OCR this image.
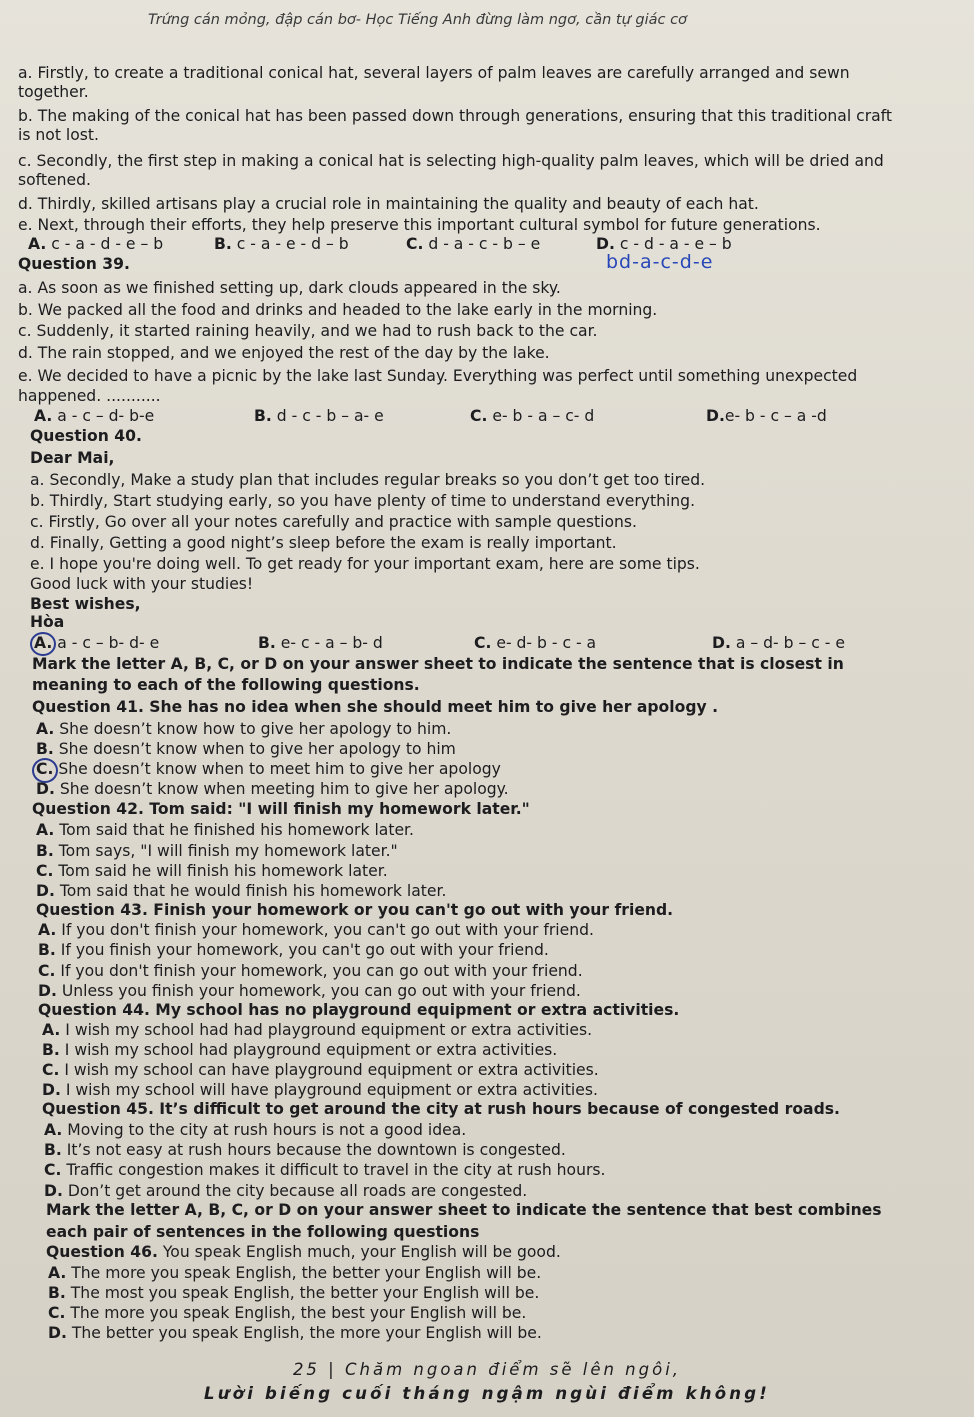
Trứng cán mỏng, đập cán bơ- Học Tiếng Anh đừng làm ngơ, cần tự giác cơ
a. Firstly, to create a traditional conical hat, several layers of palm leaves are carefully arranged and sewn
together.
b. The making of the conical hat has been passed down through generations, ensuring that this traditional craft
is not lost.
c. Secondly, the first step in making a conical hat is selecting high-quality palm leaves, which will be dried and
softened.
d. Thirdly, skilled artisans play a crucial role in maintaining the quality and beauty of each hat.
e. Next, through their efforts, they help preserve this important cultural symbol for future generations.
A. c - a - d - e – b	B. c - a - e - d – b	C. d - a - c - b – e	D. c - d - a - e – b
Question 39.	bd-a-c-d-e
a. As soon as we finished setting up, dark clouds appeared in the sky.
b. We packed all the food and drinks and headed to the lake early in the morning.
c. Suddenly, it started raining heavily, and we had to rush back to the car.
d. The rain stopped, and we enjoyed the rest of the day by the lake.
e. We decided to have a picnic by the lake last Sunday. Everything was perfect until something unexpected
happened. ...........
A. a - c – d- b-e	B. d - c - b – a- e	C. e- b - a – c- d	D.e- b - c – a -d
Question 40.
Dear Mai,
a. Secondly, Make a study plan that includes regular breaks so you don’t get too tired.
b. Thirdly, Start studying early, so you have plenty of time to understand everything.
c. Firstly, Go over all your notes carefully and practice with sample questions.
d. Finally, Getting a good night’s sleep before the exam is really important.
e. I hope you're doing well. To get ready for your important exam, here are some tips.
Good luck with your studies!
Best wishes,
Hòa
A. a - c – b- d- e	B. e- c - a – b- d	C. e- d- b - c - a	D. a – d- b – c - e
Mark the letter A, B, C, or D on your answer sheet to indicate the sentence that is closest in
meaning to each of the following questions.
Question 41. She has no idea when she should meet him to give her apology .
A. She doesn’t know how to give her apology to him.
B. She doesn’t know when to give her apology to him
C. She doesn’t know when to meet him to give her apology
D. She doesn’t know when meeting him to give her apology.
Question 42. Tom said: "I will finish my homework later."
A. Tom said that he finished his homework later.
B. Tom says, "I will finish my homework later."
C. Tom said he will finish his homework later.
D. Tom said that he would finish his homework later.
Question 43. Finish your homework or you can't go out with your friend.
A. If you don't finish your homework, you can't go out with your friend.
B. If you finish your homework, you can't go out with your friend.
C. If you don't finish your homework, you can go out with your friend.
D. Unless you finish your homework, you can go out with your friend.
Question 44. My school has no playground equipment or extra activities.
A. I wish my school had had playground equipment or extra activities.
B. I wish my school had playground equipment or extra activities.
C. I wish my school can have playground equipment or extra activities.
D. I wish my school will have playground equipment or extra activities.
Question 45. It’s difficult to get around the city at rush hours because of congested roads.
A. Moving to the city at rush hours is not a good idea.
B. It’s not easy at rush hours because the downtown is congested.
C. Traffic congestion makes it difficult to travel in the city at rush hours.
D. Don’t get around the city because all roads are congested.
Mark the letter A, B, C, or D on your answer sheet to indicate the sentence that best combines
each pair of sentences in the following questions
Question 46. You speak English much, your English will be good.
A. The more you speak English, the better your English will be.
B. The most you speak English, the better your English will be.
C. The more you speak English, the best your English will be.
D. The better you speak English, the more your English will be.
25 | Chăm ngoan điểm sẽ lên ngôi,
Lười biếng cuối tháng ngậm ngùi điểm không!
